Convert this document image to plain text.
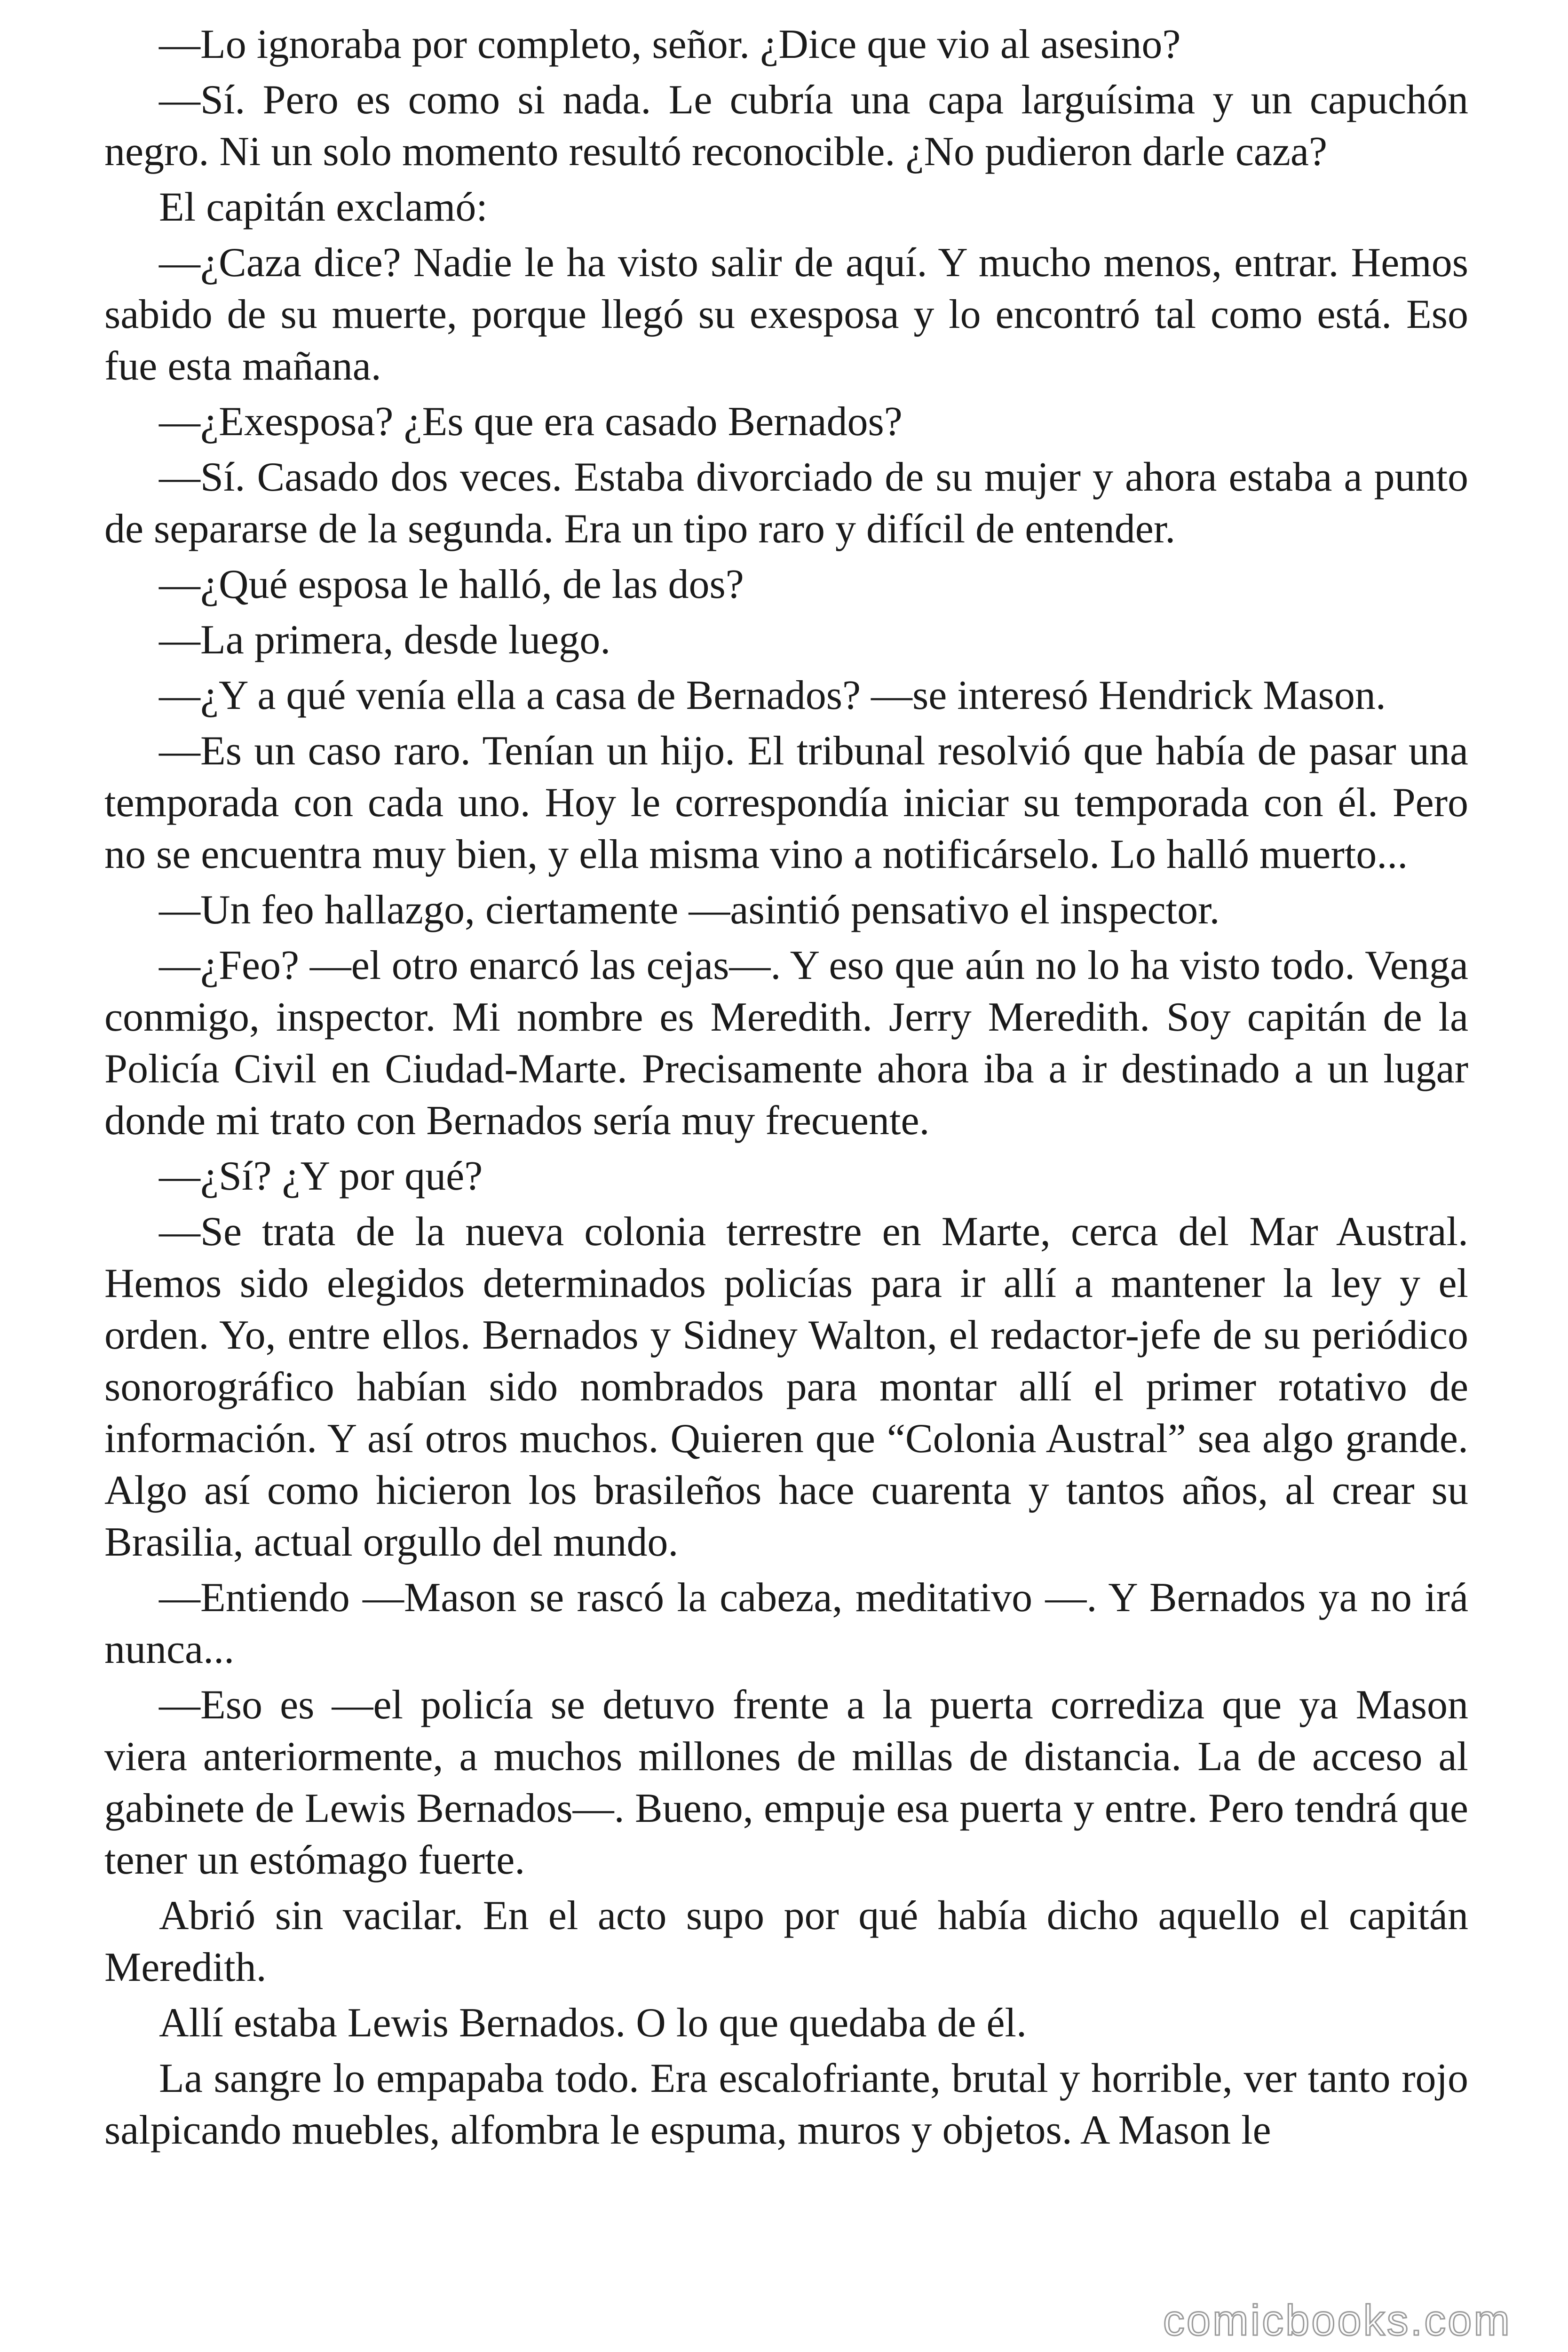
—Lo ignoraba por completo, señor. ¿Dice que vio al asesino?

—Sí. Pero es como si nada. Le cubría una capa larguísima y un capuchón negro. Ni un solo momento resultó reconocible. ¿No pudieron darle caza?

El capitán exclamó:

—¿Caza dice? Nadie le ha visto salir de aquí. Y mucho menos, entrar. Hemos sabido de su muerte, porque llegó su exesposa y lo encontró tal como está. Eso fue esta mañana.

—¿Exesposa? ¿Es que era casado Bernados?

—Sí. Casado dos veces. Estaba divorciado de su mujer y ahora estaba a punto de separarse de la segunda. Era un tipo raro y difícil de entender.

—¿Qué esposa le halló, de las dos?

—La primera, desde luego.

—¿Y a qué venía ella a casa de Bernados? —se interesó Hendrick Mason.

—Es un caso raro. Tenían un hijo. El tribunal resolvió que había de pasar una temporada con cada uno. Hoy le correspondía iniciar su temporada con él. Pero no se encuentra muy bien, y ella misma vino a notificárselo. Lo halló muerto...

—Un feo hallazgo, ciertamente —asintió pensativo el inspector.

—¿Feo? —el otro enarcó las cejas—. Y eso que aún no lo ha visto todo. Venga conmigo, inspector. Mi nombre es Meredith. Jerry Meredith. Soy capitán de la Policía Civil en Ciudad-Marte. Precisamente ahora iba a ir destinado a un lugar donde mi trato con Bernados sería muy frecuente.

—¿Sí? ¿Y por qué?

—Se trata de la nueva colonia terrestre en Marte, cerca del Mar Austral. Hemos sido elegidos determinados policías para ir allí a mantener la ley y el orden. Yo, entre ellos. Bernados y Sidney Walton, el redactor-jefe de su periódico sonorográfico habían sido nombrados para montar allí el primer rotativo de información. Y así otros muchos. Quieren que “Colonia Austral” sea algo grande. Algo así como hicieron los brasileños hace cuarenta y tantos años, al crear su Brasilia, actual orgullo del mundo.

—Entiendo —Mason se rascó la cabeza, meditativo —. Y Bernados ya no irá nunca...

—Eso es —el policía se detuvo frente a la puerta corrediza que ya Mason viera anteriormente, a muchos millones de millas de distancia. La de acceso al gabinete de Lewis Bernados—. Bueno, empuje esa puerta y entre. Pero tendrá que tener un estómago fuerte.

Abrió sin vacilar. En el acto supo por qué había dicho aquello el capitán Meredith.

Allí estaba Lewis Bernados. O lo que quedaba de él.

La sangre lo empapaba todo. Era escalofriante, brutal y horrible, ver tanto rojo salpicando muebles, alfombra le espuma, muros y objetos. A Mason le

comicbooks.com
